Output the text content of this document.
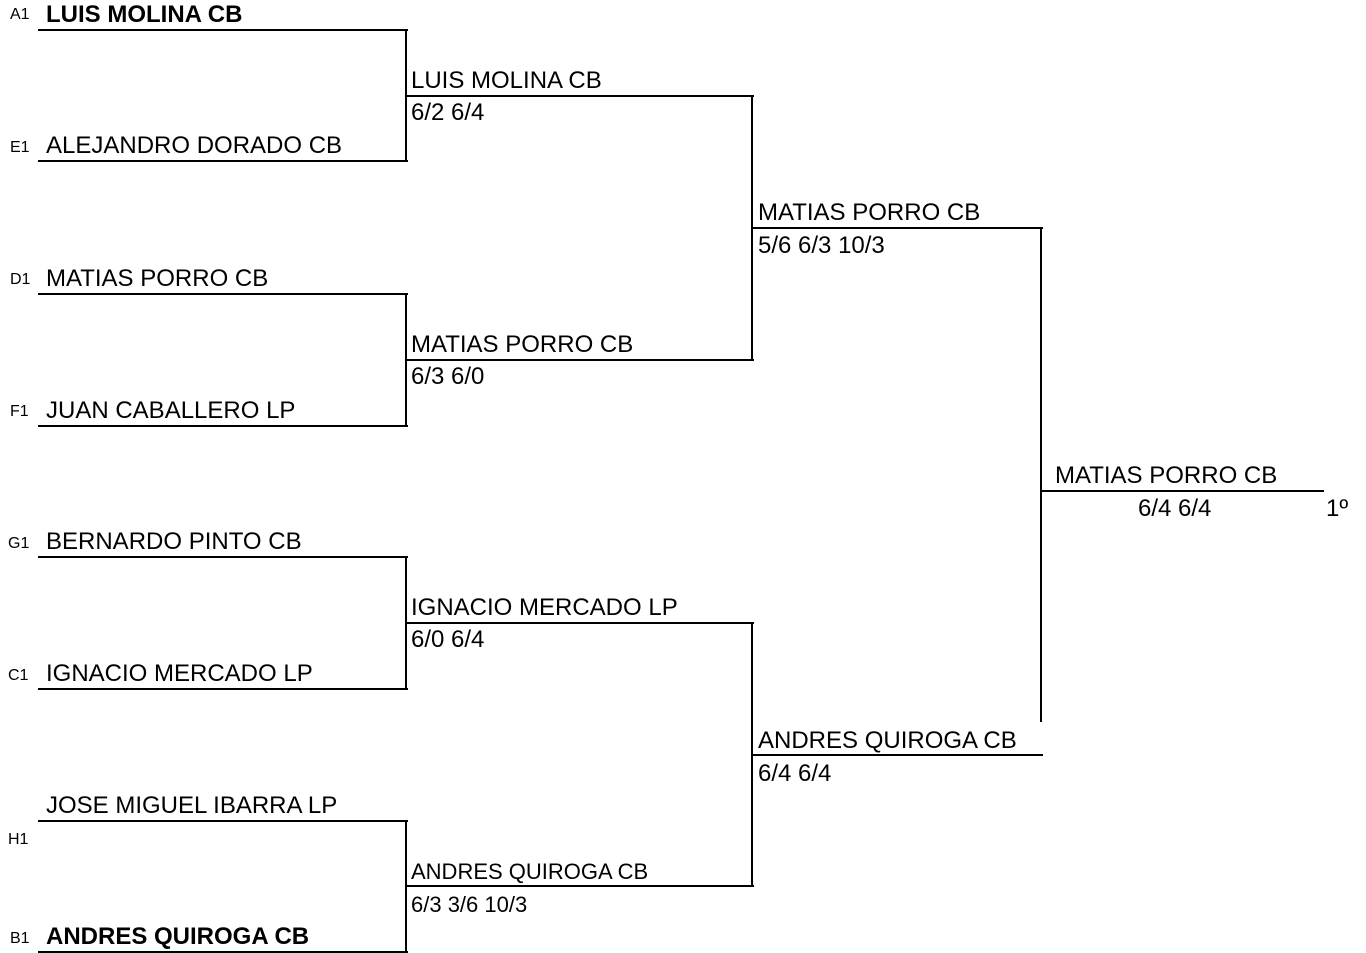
A1
E1
D1
F1
G1
C1
H1
B1
LUIS MOLINA CB
ALEJANDRO DORADO CB
MATIAS PORRO CB
JUAN CABALLERO LP
BERNARDO PINTO CB
IGNACIO MERCADO LP
JOSE MIGUEL IBARRA LP
ANDRES QUIROGA CB
LUIS MOLINA CB
6/2 6/4
MATIAS PORRO CB
6/3 6/0
IGNACIO MERCADO LP
6/0 6/4
ANDRES QUIROGA CB
6/3 3/6 10/3
MATIAS PORRO CB
5/6 6/3 10/3
ANDRES QUIROGA CB
6/4 6/4
MATIAS PORRO CB
6/4 6/4	1º
